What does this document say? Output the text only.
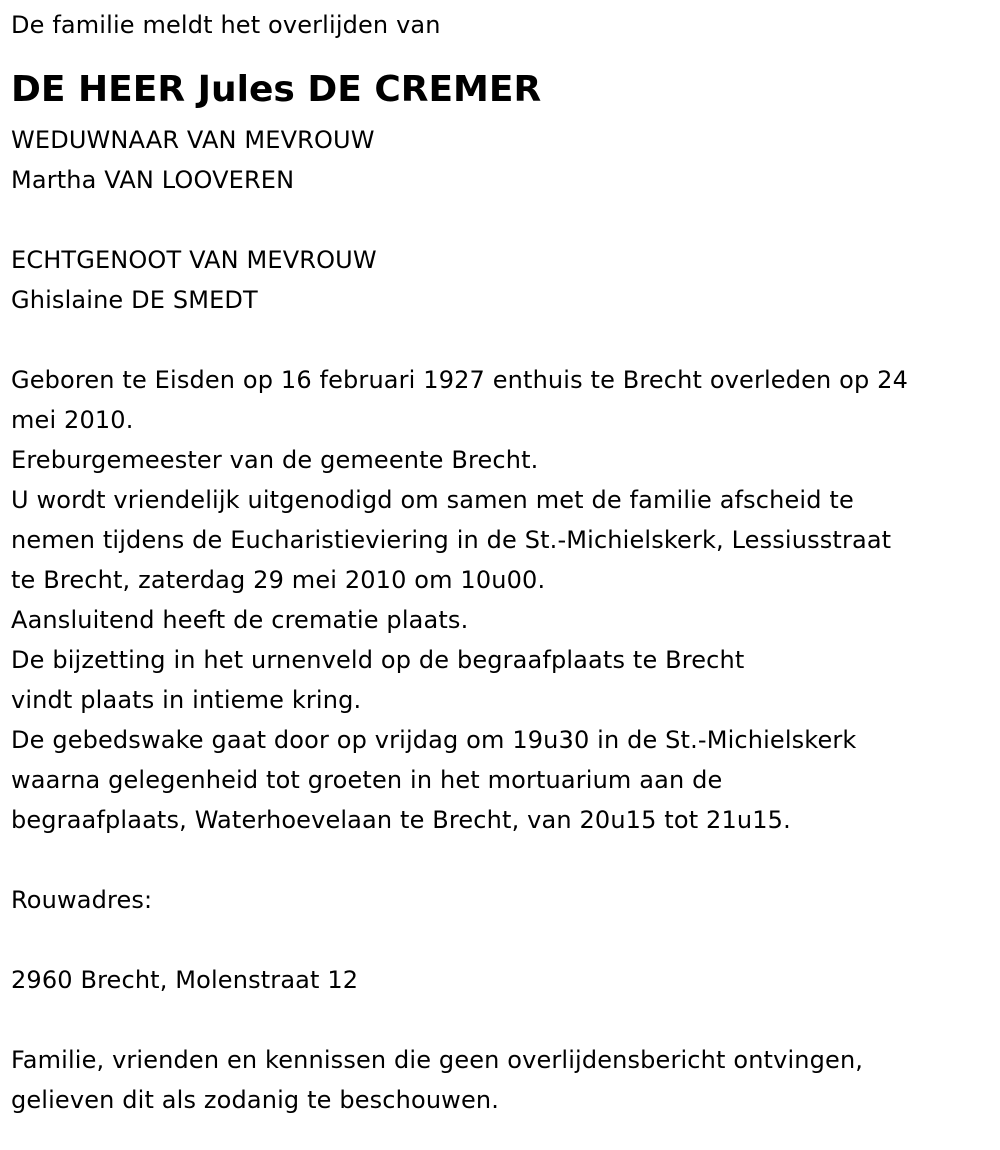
De familie meldt het overlijden van
DE HEER Jules DE CREMER
WEDUWNAAR VAN MEVROUW
Martha VAN LOOVEREN
ECHTGENOOT VAN MEVROUW
Ghislaine DE SMEDT
Geboren te Eisden op 16 februari 1927 enthuis te Brecht overleden op 24
mei 2010.
Ereburgemeester van de gemeente Brecht.
U wordt vriendelijk uitgenodigd om samen met de familie afscheid te
nemen tijdens de Eucharistieviering in de St.-Michielskerk, Lessiusstraat
te Brecht, zaterdag 29 mei 2010 om 10u00.
Aansluitend heeft de crematie plaats.
De bijzetting in het urnenveld op de begraafplaats te Brecht
vindt plaats in intieme kring.
De gebedswake gaat door op vrijdag om 19u30 in de St.-Michielskerk
waarna gelegenheid tot groeten in het mortuarium aan de
begraafplaats, Waterhoevelaan te Brecht, van 20u15 tot 21u15.
Rouwadres:
2960 Brecht, Molenstraat 12
Familie, vrienden en kennissen die geen overlijdensbericht ontvingen,
gelieven dit als zodanig te beschouwen.
